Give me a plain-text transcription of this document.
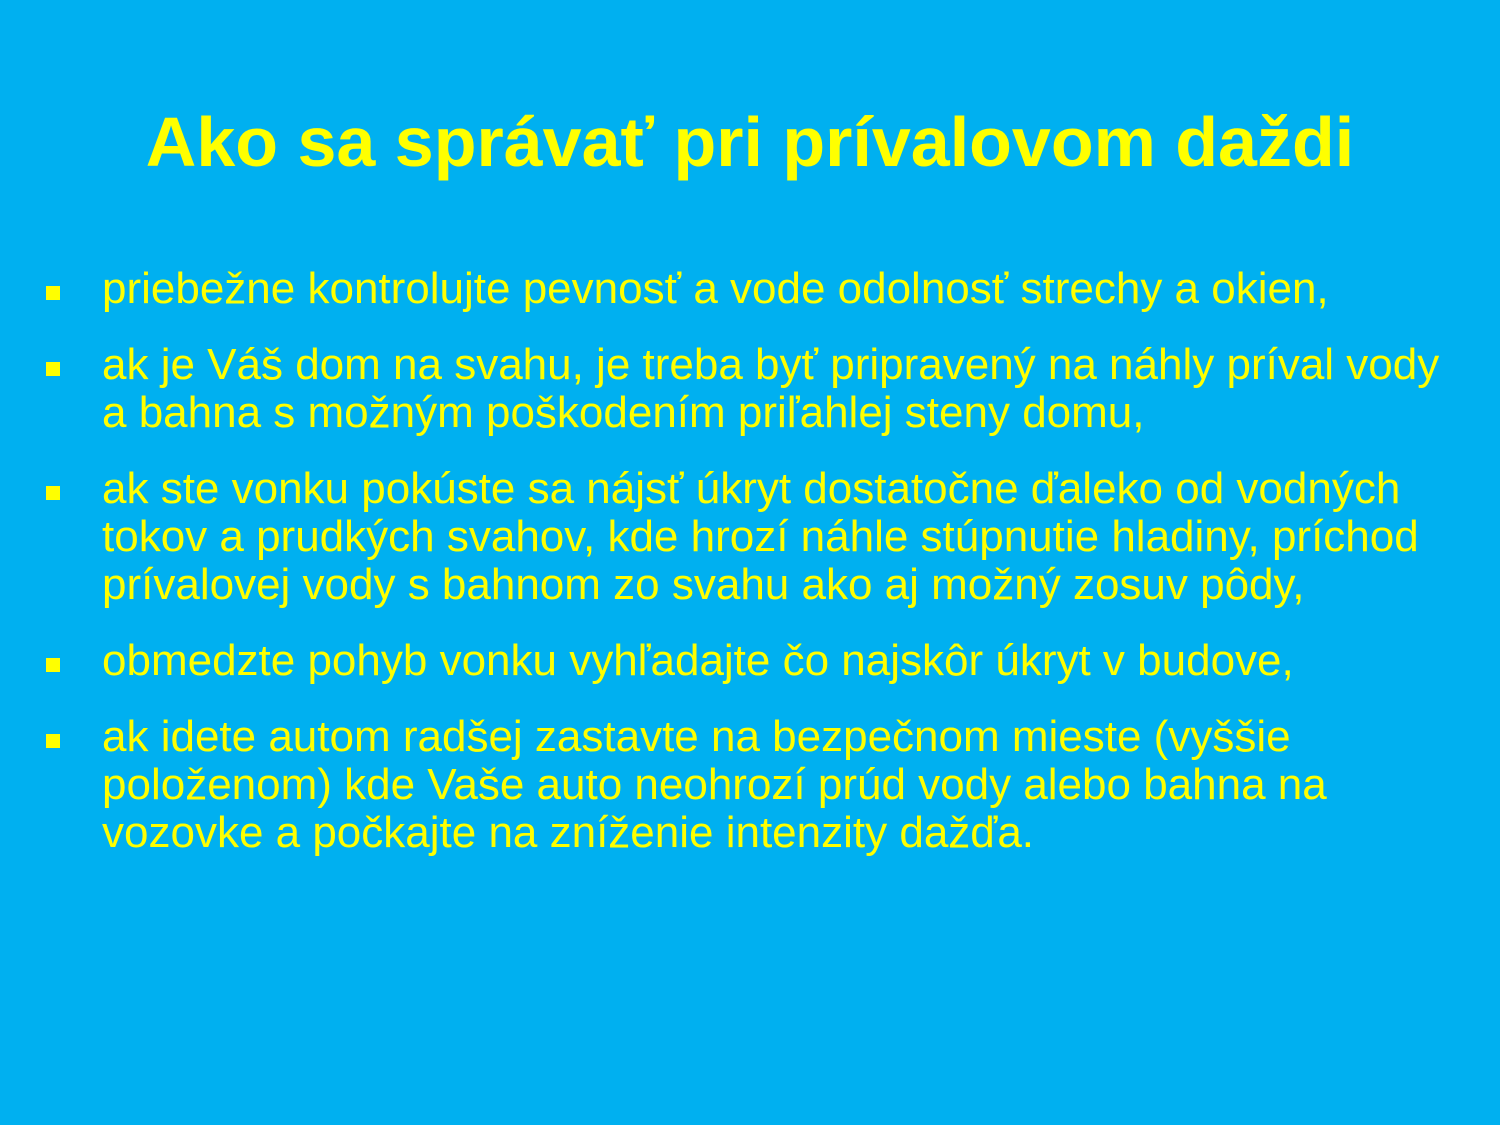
Ako sa správať pri prívalovom daždi
priebežne kontrolujte pevnosť a vode odolnosť strechy a okien,
ak je Váš dom na svahu, je treba byť pripravený na náhly príval vody a bahna s možným poškodením priľahlej steny domu,
ak ste vonku pokúste sa nájsť úkryt dostatočne ďaleko od vodných tokov a prudkých svahov, kde hrozí náhle stúpnutie hladiny, príchod prívalovej vody s bahnom zo svahu ako aj možný zosuv pôdy,
obmedzte pohyb vonku vyhľadajte čo najskôr úkryt v budove,
ak idete autom radšej zastavte na bezpečnom mieste (vyššie položenom) kde Vaše auto neohrozí prúd vody alebo bahna na vozovke a počkajte na zníženie intenzity dažďa.
